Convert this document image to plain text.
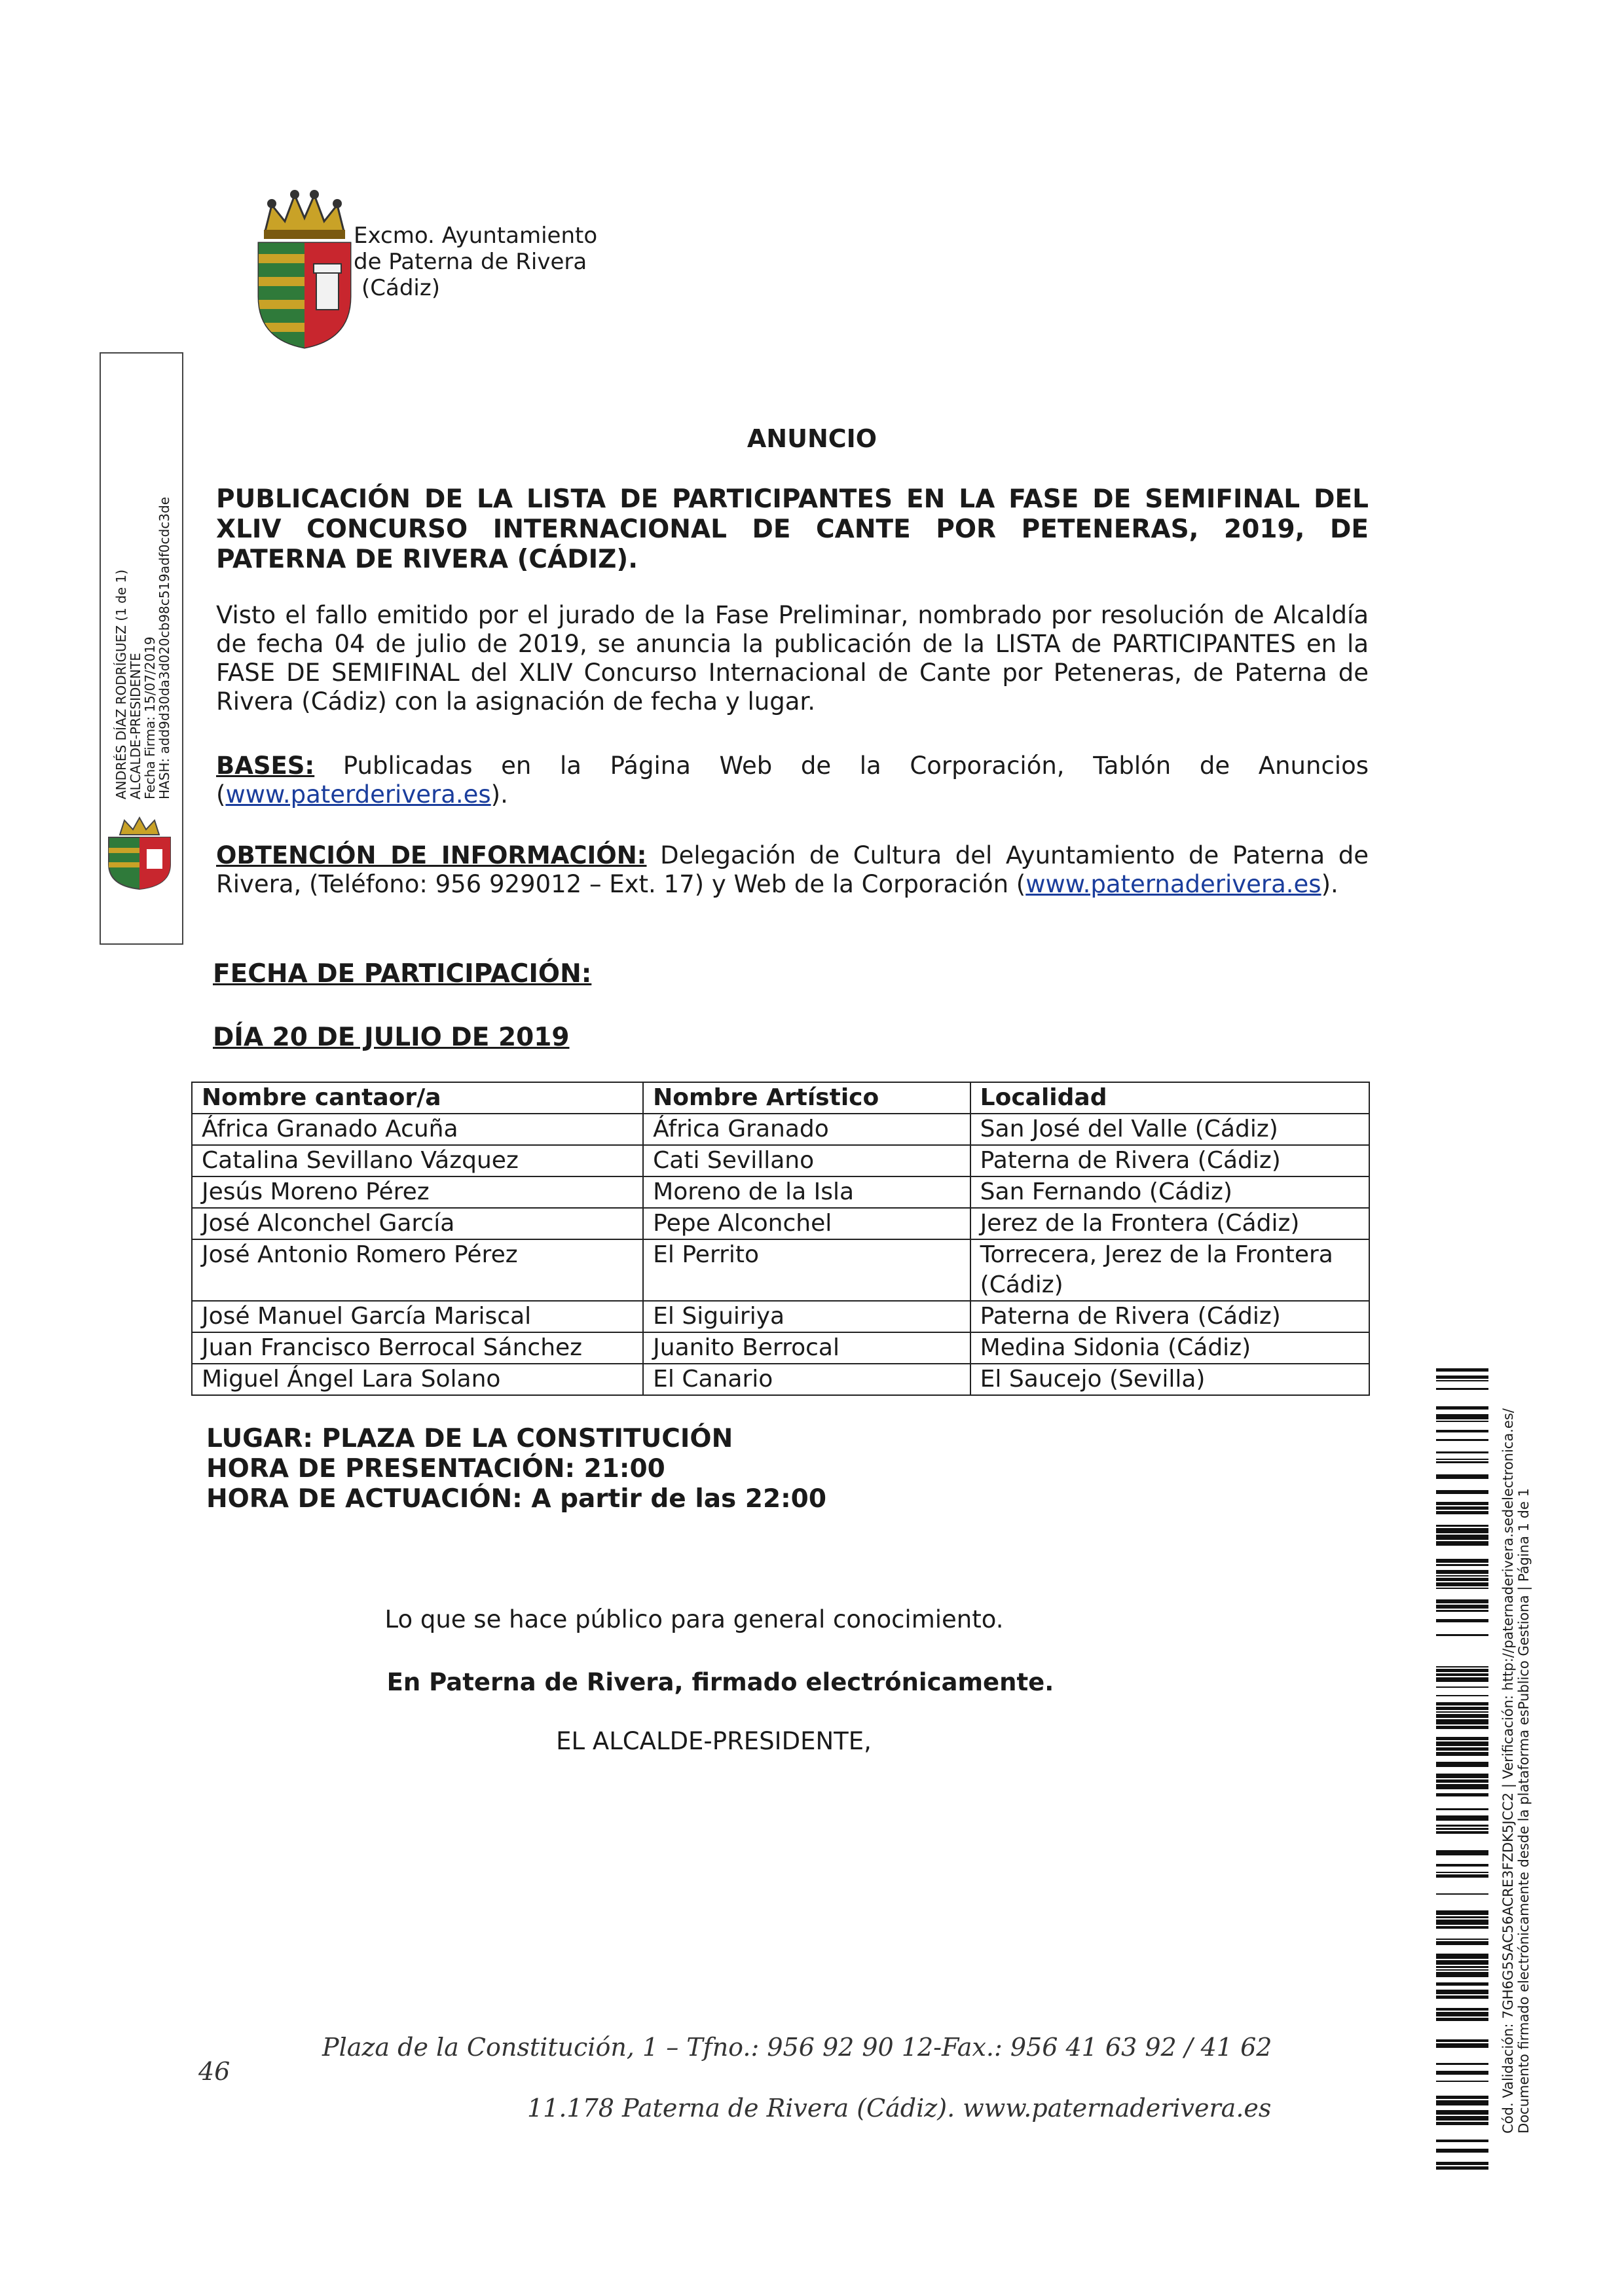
Excmo. Ayuntamiento
de Paterna de Rivera
(Cádiz)
ANDRÉS DÍAZ RODRÍGUEZ (1 de 1)
ALCALDE-PRESIDENTE
Fecha Firma: 15/07/2019
HASH: add9d30da3d020cb98c519adf0cdc3de
ANUNCIO
PUBLICACIÓN DE LA LISTA DE PARTICIPANTES EN LA FASE DE SEMIFINAL DEL XLIV CONCURSO INTERNACIONAL DE CANTE POR PETENERAS, 2019, DE PATERNA DE RIVERA (CÁDIZ).
Visto el fallo emitido por el jurado de la Fase Preliminar, nombrado por resolución de Alcaldía de fecha 04 de julio de 2019, se anuncia la publicación de la LISTA de PARTICIPANTES en la FASE DE SEMIFINAL del XLIV Concurso Internacional de Cante por Peteneras, de Paterna de Rivera (Cádiz) con la asignación de fecha y lugar.
BASES: Publicadas en la Página Web de la Corporación, Tablón de Anuncios (www.paterderivera.es).
OBTENCIÓN DE INFORMACIÓN: Delegación de Cultura del Ayuntamiento de Paterna de Rivera, (Teléfono: 956 929012 – Ext. 17) y Web de la Corporación (www.paternaderivera.es).
FECHA DE PARTICIPACIÓN:
DÍA 20 DE JULIO DE 2019
Nombre cantaor/a	Nombre Artístico	Localidad
África Granado Acuña	África Granado	San José del Valle (Cádiz)
Catalina Sevillano Vázquez	Cati Sevillano	Paterna de Rivera (Cádiz)
Jesús Moreno Pérez	Moreno de la Isla	San Fernando (Cádiz)
José Alconchel García	Pepe Alconchel	Jerez de la Frontera (Cádiz)
José Antonio Romero Pérez	El Perrito	Torrecera, Jerez de la Frontera (Cádiz)
José Manuel García Mariscal	El Siguiriya	Paterna de Rivera (Cádiz)
Juan Francisco Berrocal Sánchez	Juanito Berrocal	Medina Sidonia (Cádiz)
Miguel Ángel Lara Solano	El Canario	El Saucejo (Sevilla)
LUGAR: PLAZA DE LA CONSTITUCIÓN
HORA DE PRESENTACIÓN: 21:00
HORA DE ACTUACIÓN: A partir de las 22:00
Lo que se hace público para general conocimiento.
En Paterna de Rivera, firmado electrónicamente.
EL ALCALDE-PRESIDENTE,
Plaza de la Constitución, 1 – Tfno.: 956 92 90 12-Fax.: 956 41 63 92 / 41 62
11.178 Paterna de Rivera (Cádiz). www.paternaderivera.es
46	Cód. Validación: 7GH6G5SAC56ACRE3FZDK5JCC2 | Verificación: http://paternaderivera.sedelectronica.es/ Documento firmado electrónicamente desde la plataforma esPublico Gestiona | Página 1 de 1
